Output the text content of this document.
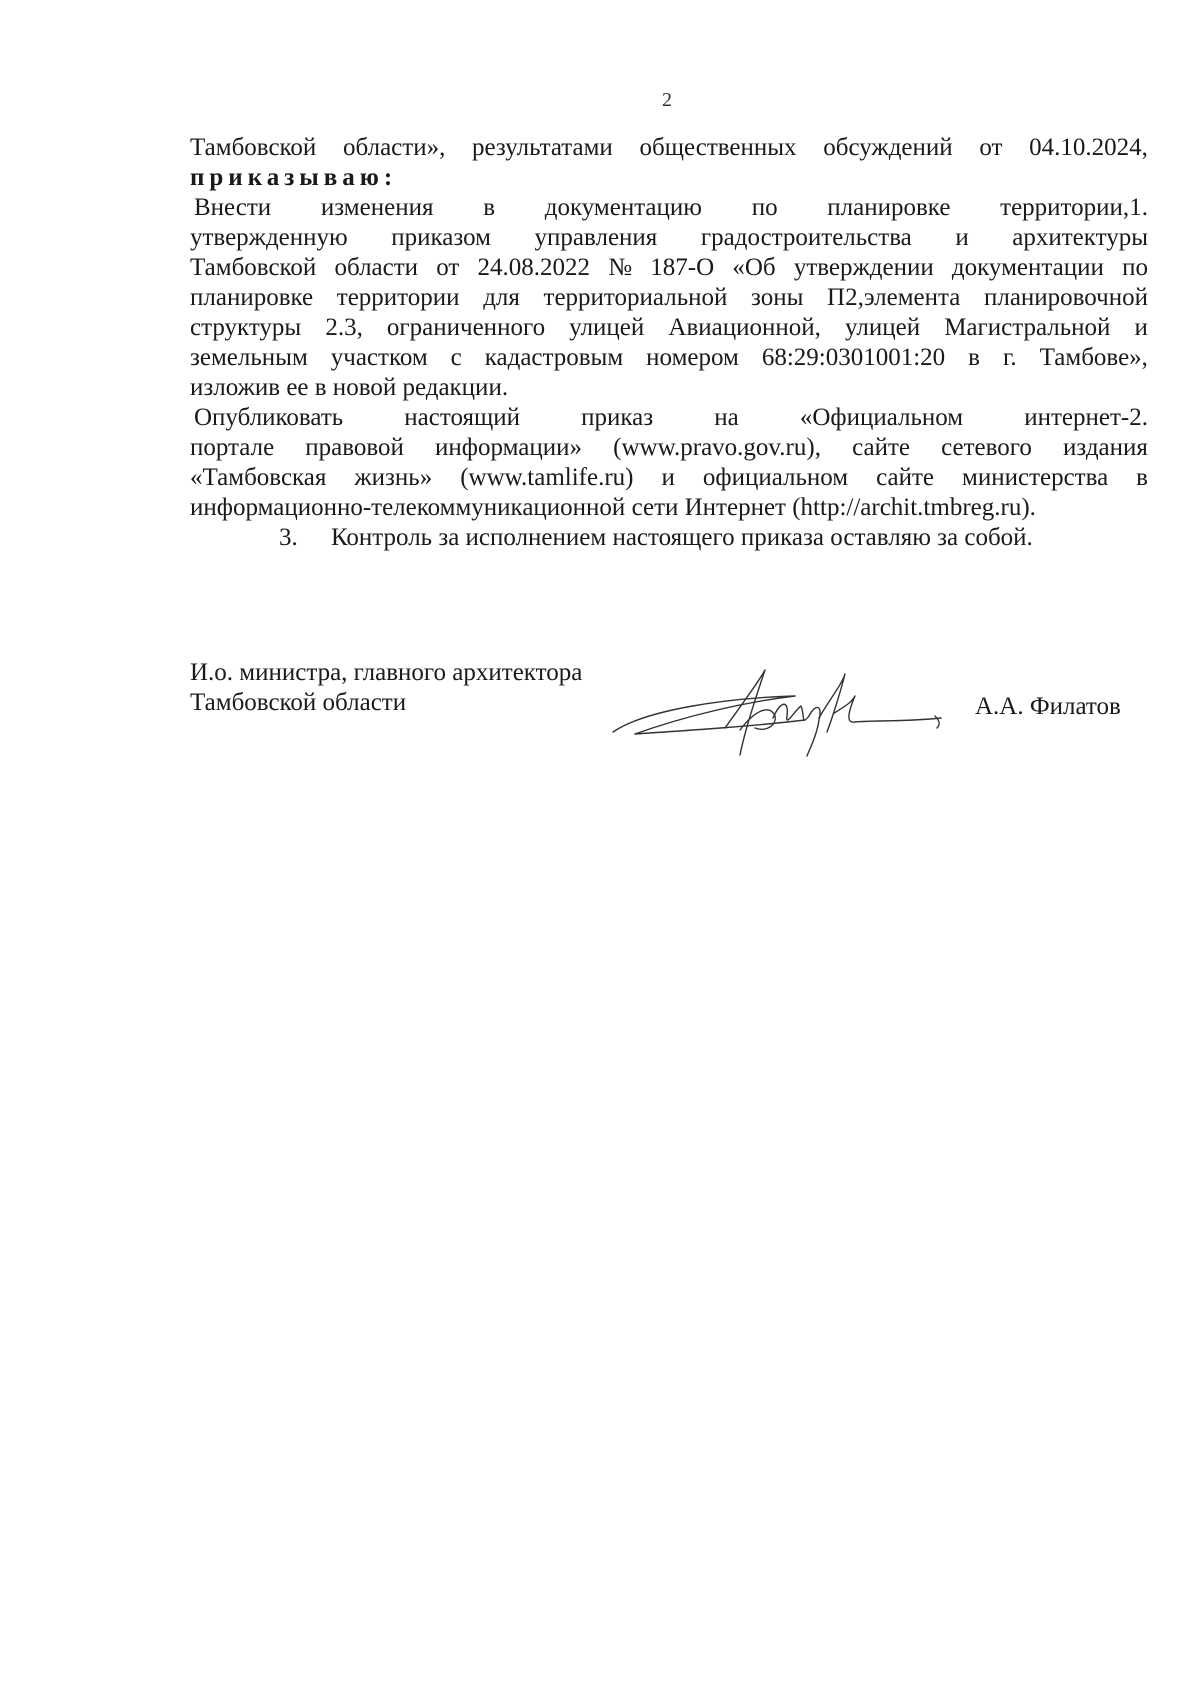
2
Тамбовской области», результатами общественных обсуждений от 04.10.2024,
приказываю:
Внести изменения в документацию по планировке территории, 1.
утвержденную приказом управления градостроительства и архитектуры
Тамбовской области от 24.08.2022 № 187-О «Об утверждении документации по
планировке территории для территориальной зоны П2,элемента планировочной
структуры 2.3, ограниченного улицей Авиационной, улицей Магистральной и
земельным участком с кадастровым номером 68:29:0301001:20 в г. Тамбове»,
изложив ее в новой редакции.
Опубликовать настоящий приказ на «Официальном интернет- 2.
портале правовой информации» (www.pravo.gov.ru), сайте сетевого издания
«Тамбовская жизнь» (www.tamlife.ru) и официальном сайте министерства в
информационно-телекоммуникационной сети Интернет (http://archit.tmbreg.ru).
3.	Контроль за исполнением настоящего приказа оставляю за собой.
И.о. министра, главного архитектора
Тамбовской области	А.А. Филатов
